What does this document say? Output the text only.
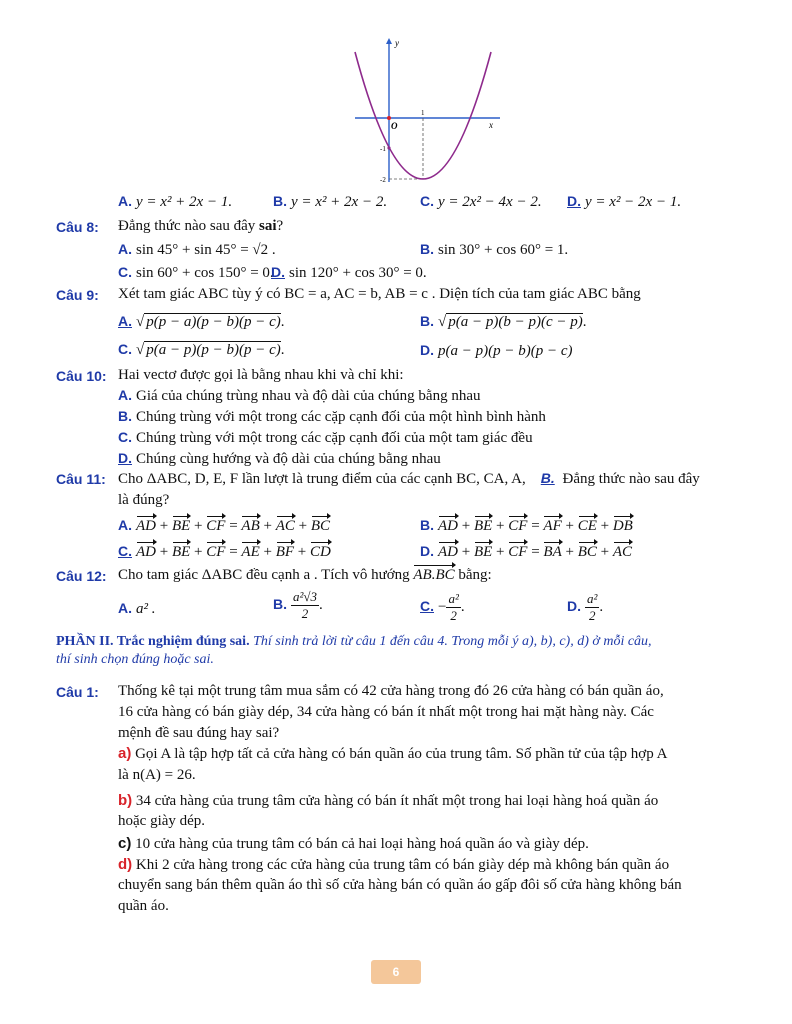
y
x
O
1
-1
-2
A. y = x² + 2x − 1.	B. y = x² + 2x − 2. C. y = 2x² − 4x − 2. D. y = x² − 2x − 1.
Câu 8: Đẳng thức nào sau đây sai?
A. sin 45° + sin 45° = √2 .	B. sin 30° + cos 60° = 1.
C. sin 60° + cos 150° = 0.
D. sin 120° + cos 30° = 0.
Câu 9: Xét tam giác ABC tùy ý có BC = a, AC = b, AB = c . Diện tích của tam giác ABC bằng
A. √ p(p − a)(p − b)(p − c).	B. √ p(a − p)(b − p)(c − p).
C. √ p(a − p)(p − b)(p − c).	D. p(a − p)(p − b)(p − c)
Câu 10: Hai vectơ được gọi là bằng nhau khi và chỉ khi:
A. Giá của chúng trùng nhau và độ dài của chúng bằng nhau
B. Chúng trùng với một trong các cặp cạnh đối của một hình bình hành
C. Chúng trùng với một trong các cặp cạnh đối của một tam giác đều
D. Chúng cùng hướng và độ dài của chúng bằng nhau
Câu 11: Cho ΔABC, D, E, F lần lượt là trung điểm của các cạnh BC, CA, A,    B. Đẳng thức nào sau đây
là đúng?
A. AD + BE + CF = AB + AC + BC	B. AD + BE + CF = AF + CE + DB
C. AD + BE + CF = AE + BF + CD	D. AD + BE + CF = BA + BC + AC
Câu 12: Cho tam giác ΔABC đều cạnh a . Tích vô hướng AB.BC bằng:
A. a² .	B. $\frac{\text{a²√3}}{2}$ .	C. − $\frac{\text{a²}}{2}$ .	D. $\frac{\text{a²}}{2}$ .
PHẦN II. Trắc nghiệm đúng sai. Thí sinh trả lời từ câu 1 đến câu 4. Trong mỗi ý a), b), c), d) ở mỗi câu,
thí sinh chọn đúng hoặc sai.
Câu 1: Thống kê tại một trung tâm mua sắm có 42 cửa hàng trong đó 26 cửa hàng có bán quần áo,
16 cửa hàng có bán giày dép, 34 cửa hàng có bán ít nhất một trong hai mặt hàng này. Các
mệnh đề sau đúng hay sai?
a) Gọi A là tập hợp tất cả cửa hàng có bán quần áo của trung tâm. Số phần tử của tập hợp A
là n(A) = 26.
b) 34 cửa hàng của trung tâm cửa hàng có bán ít nhất một trong hai loại hàng hoá quần áo
hoặc giày dép.
c) 10 cửa hàng của trung tâm có bán cả hai loại hàng hoá quần áo và giày dép.
d) Khi 2 cửa hàng trong các cửa hàng của trung tâm có bán giày dép mà không bán quần áo
chuyển sang bán thêm quần áo thì số cửa hàng bán có quần áo gấp đôi số cửa hàng không bán
quần áo.
6
